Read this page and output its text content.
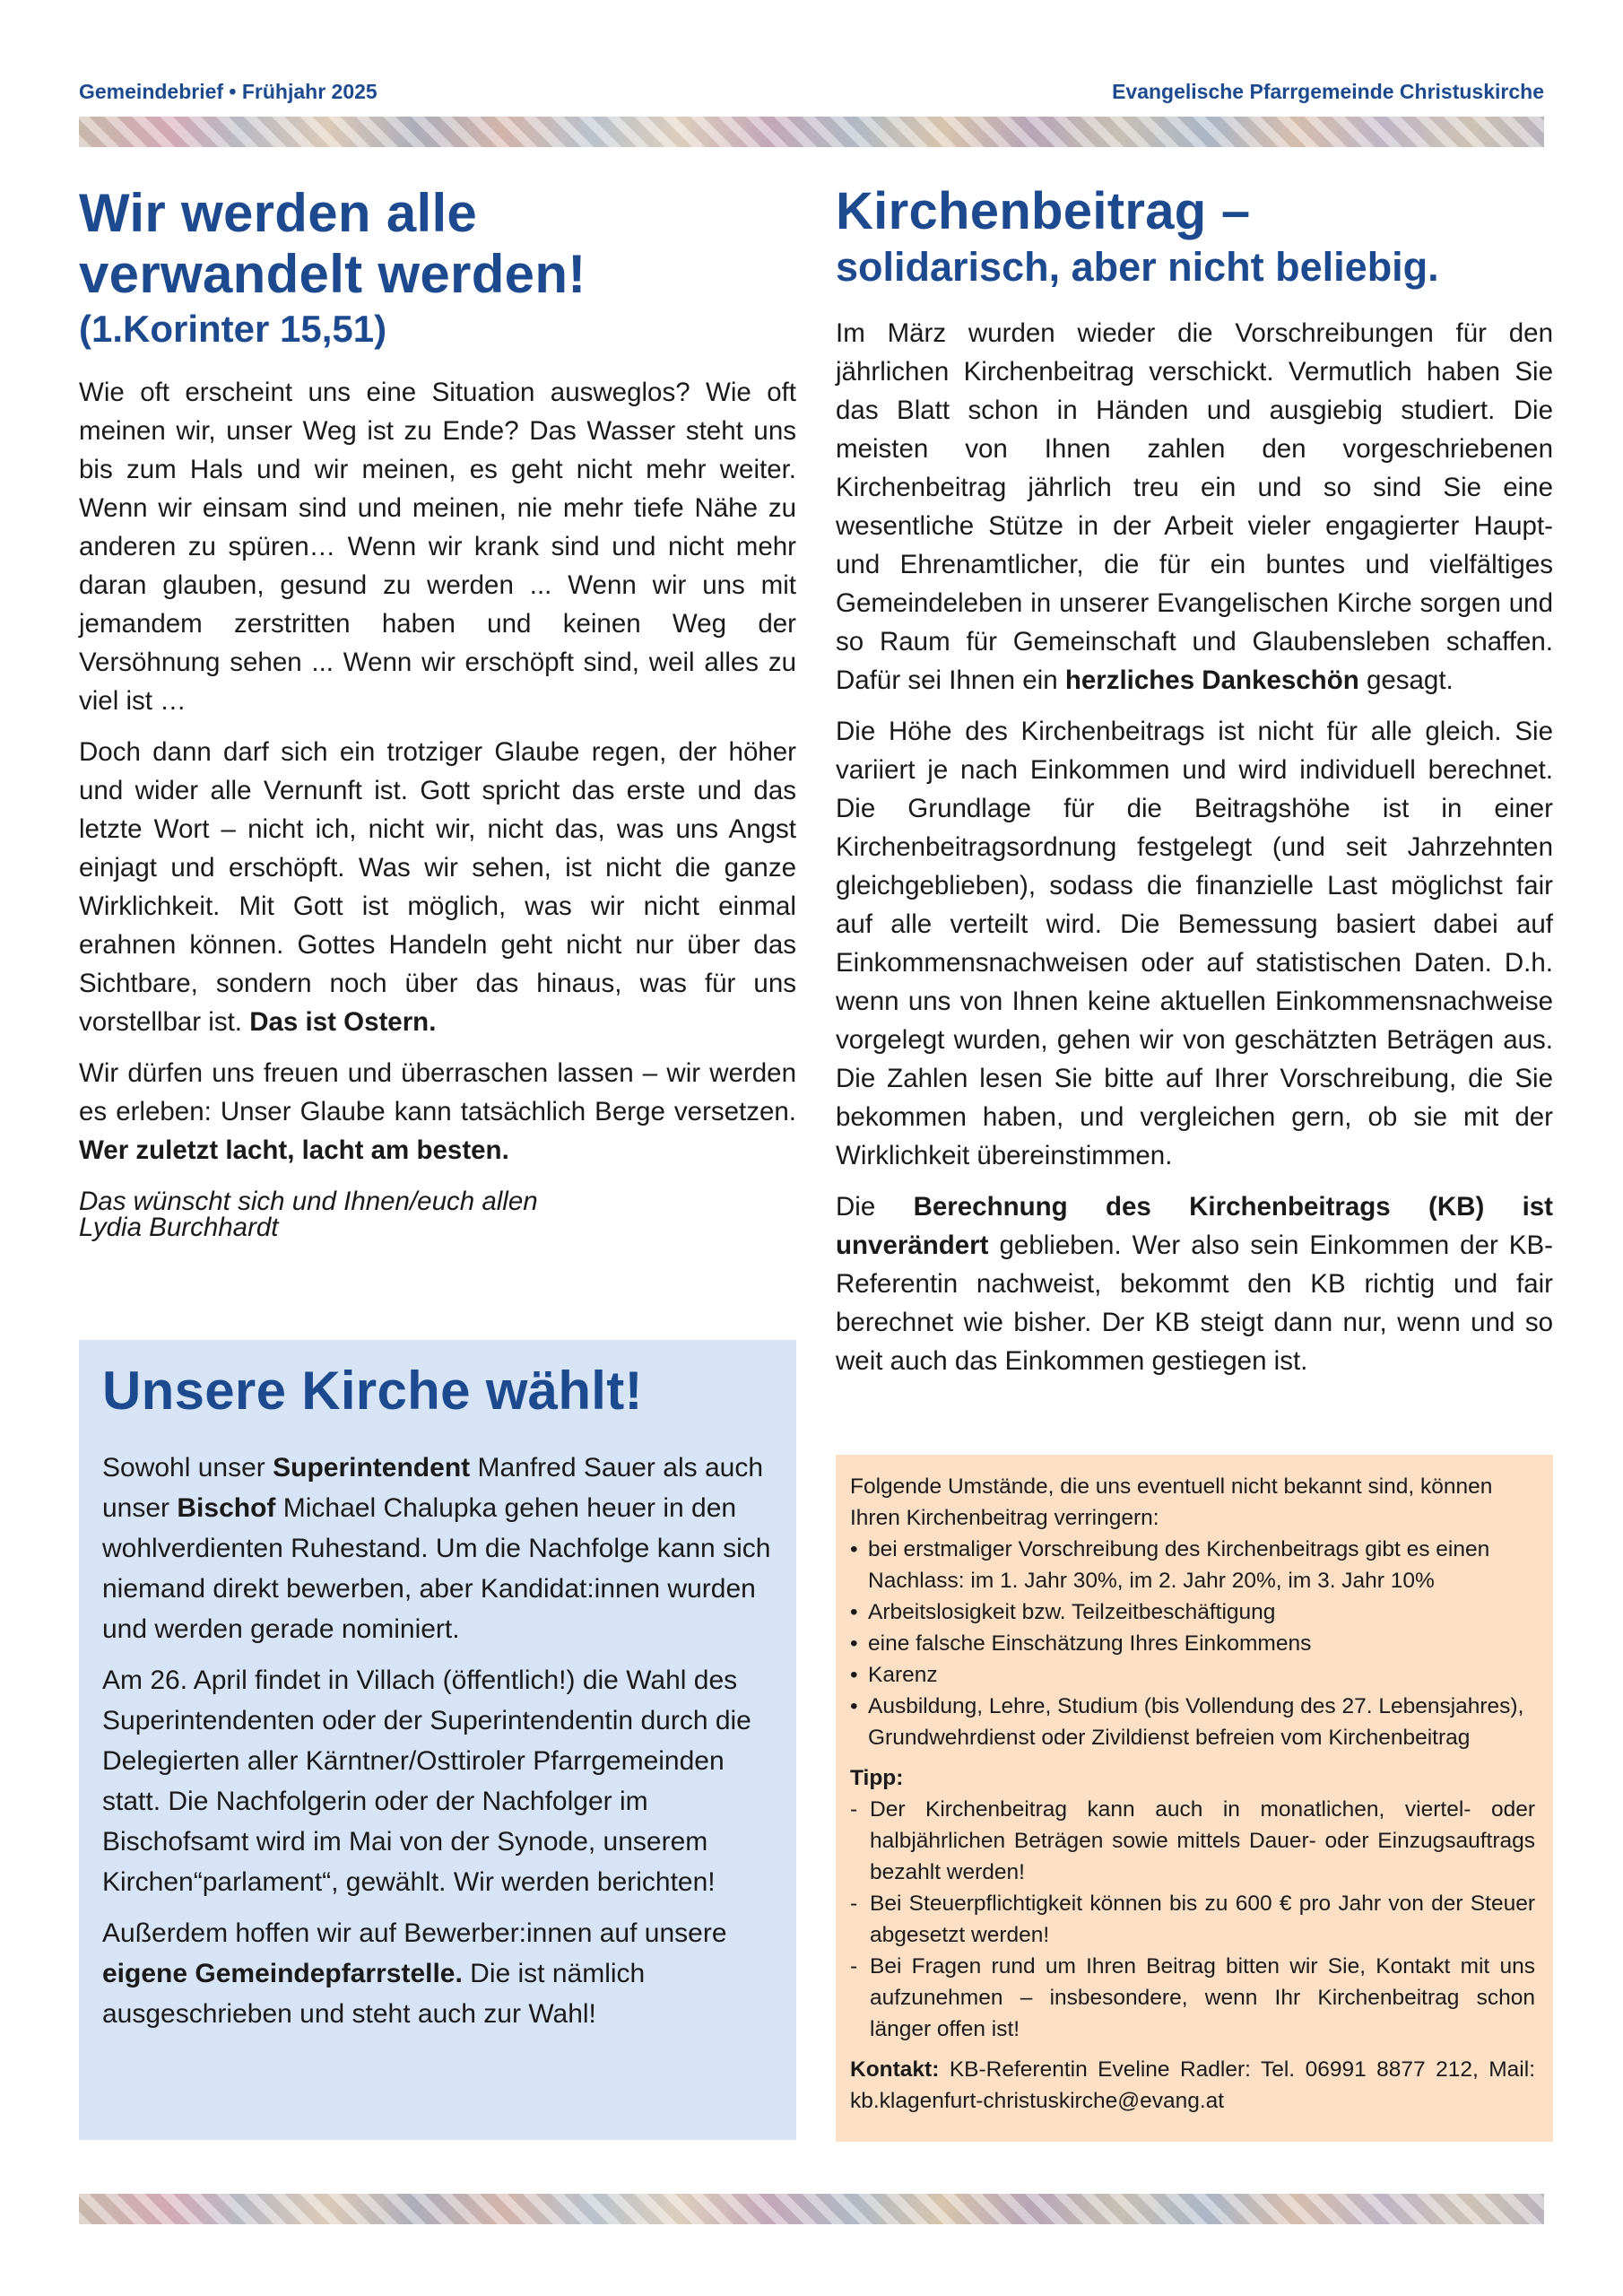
Gemeindebrief • Frühjahr 2025	Evangelische Pfarrgemeinde Christuskirche
Wir werden alle
verwandelt werden!
(1.Korinter 15,51)

Wie oft erscheint uns eine Situation ausweglos? Wie oft meinen wir, unser Weg ist zu Ende? Das Wasser steht uns bis zum Hals und wir meinen, es geht nicht mehr weiter. Wenn wir einsam sind und meinen, nie mehr tiefe Nähe zu anderen zu spüren… Wenn wir krank sind und nicht mehr daran glauben, gesund zu werden ... Wenn wir uns mit jemandem zerstritten haben und keinen Weg der Versöhnung sehen ... Wenn wir erschöpft sind, weil alles zu viel ist …

Doch dann darf sich ein trotziger Glaube regen, der höher und wider alle Vernunft ist. Gott spricht das erste und das letzte Wort – nicht ich, nicht wir, nicht das, was uns Angst einjagt und erschöpft. Was wir sehen, ist nicht die ganze Wirklichkeit. Mit Gott ist möglich, was wir nicht einmal erahnen können. Gottes Handeln geht nicht nur über das Sichtbare, sondern noch über das hinaus, was für uns vorstellbar ist. Das ist Ostern.

Wir dürfen uns freuen und überraschen lassen – wir werden es erleben: Unser Glaube kann tatsächlich Berge versetzen. Wer zuletzt lacht, lacht am besten.

Das wünscht sich und Ihnen/euch allen
Lydia Burchhardt
Unsere Kirche wählt!

Sowohl unser Superintendent Manfred Sauer als auch unser Bischof Michael Chalupka gehen heuer in den wohlverdienten Ruhestand. Um die Nachfolge kann sich niemand direkt bewerben, aber Kandidat:innen wurden und werden gerade nominiert.

Am 26. April findet in Villach (öffentlich!) die Wahl des Superintendenten oder der Superintendentin durch die Delegierten aller Kärntner/Osttiroler Pfarrgemeinden statt. Die Nachfolgerin oder der Nachfolger im Bischofsamt wird im Mai von der Synode, unserem Kirchen“parlament“, gewählt. Wir werden berichten!

Außerdem hoffen wir auf Bewerber:innen auf unsere eigene Gemeindepfarrstelle. Die ist nämlich ausgeschrieben und steht auch zur Wahl!

Kirchenbeitrag –
solidarisch, aber nicht beliebig.

Im März wurden wieder die Vorschreibungen für den jährlichen Kirchenbeitrag verschickt. Vermutlich haben Sie das Blatt schon in Händen und ausgiebig studiert. Die meisten von Ihnen zahlen den vorgeschriebenen Kirchenbeitrag jährlich treu ein und so sind Sie eine wesentliche Stütze in der Arbeit vieler engagierter Haupt- und Ehrenamtlicher, die für ein buntes und vielfältiges Gemeindeleben in unserer Evangelischen Kirche sorgen und so Raum für Gemeinschaft und Glaubensleben schaffen. Dafür sei Ihnen ein herzliches Dankeschön gesagt.

Die Höhe des Kirchenbeitrags ist nicht für alle gleich. Sie variiert je nach Einkommen und wird individuell berechnet. Die Grundlage für die Beitragshöhe ist in einer Kirchenbeitragsordnung festgelegt (und seit Jahrzehnten gleichgeblieben), sodass die finanzielle Last möglichst fair auf alle verteilt wird. Die Bemessung basiert dabei auf Einkommensnachweisen oder auf statistischen Daten. D.h. wenn uns von Ihnen keine aktuellen Einkommensnachweise vorgelegt wurden, gehen wir von geschätzten Beträgen aus. Die Zahlen lesen Sie bitte auf Ihrer Vorschreibung, die Sie bekommen haben, und vergleichen gern, ob sie mit der Wirklichkeit übereinstimmen.

Die Berechnung des Kirchenbeitrags (KB) ist unverändert geblieben. Wer also sein Einkommen der KB-Referentin nachweist, bekommt den KB richtig und fair berechnet wie bisher. Der KB steigt dann nur, wenn und so weit auch das Einkommen gestiegen ist.

Folgende Umstände, die uns eventuell nicht bekannt sind, können Ihren Kirchenbeitrag verringern:
• bei erstmaliger Vorschreibung des Kirchenbeitrags gibt es einen Nachlass: im 1. Jahr 30%, im 2. Jahr 20%, im 3. Jahr 10%
• Arbeitslosigkeit bzw. Teilzeitbeschäftigung
• eine falsche Einschätzung Ihres Einkommens
• Karenz
• Ausbildung, Lehre, Studium (bis Vollendung des 27. Lebensjahres), Grundwehrdienst oder Zivildienst befreien vom Kirchenbeitrag
Tipp:
- Der Kirchenbeitrag kann auch in monatlichen, viertel- oder halbjährlichen Beträgen sowie mittels Dauer- oder Einzugsauftrags bezahlt werden!
- Bei Steuerpflichtigkeit können bis zu 600 € pro Jahr von der Steuer abgesetzt werden!
- Bei Fragen rund um Ihren Beitrag bitten wir Sie, Kontakt mit uns aufzunehmen – insbesondere, wenn Ihr Kirchenbeitrag schon länger offen ist!
Kontakt: KB-Referentin Eveline Radler: Tel. 06991 8877 212, Mail: kb.klagenfurt-christuskirche@evang.at
